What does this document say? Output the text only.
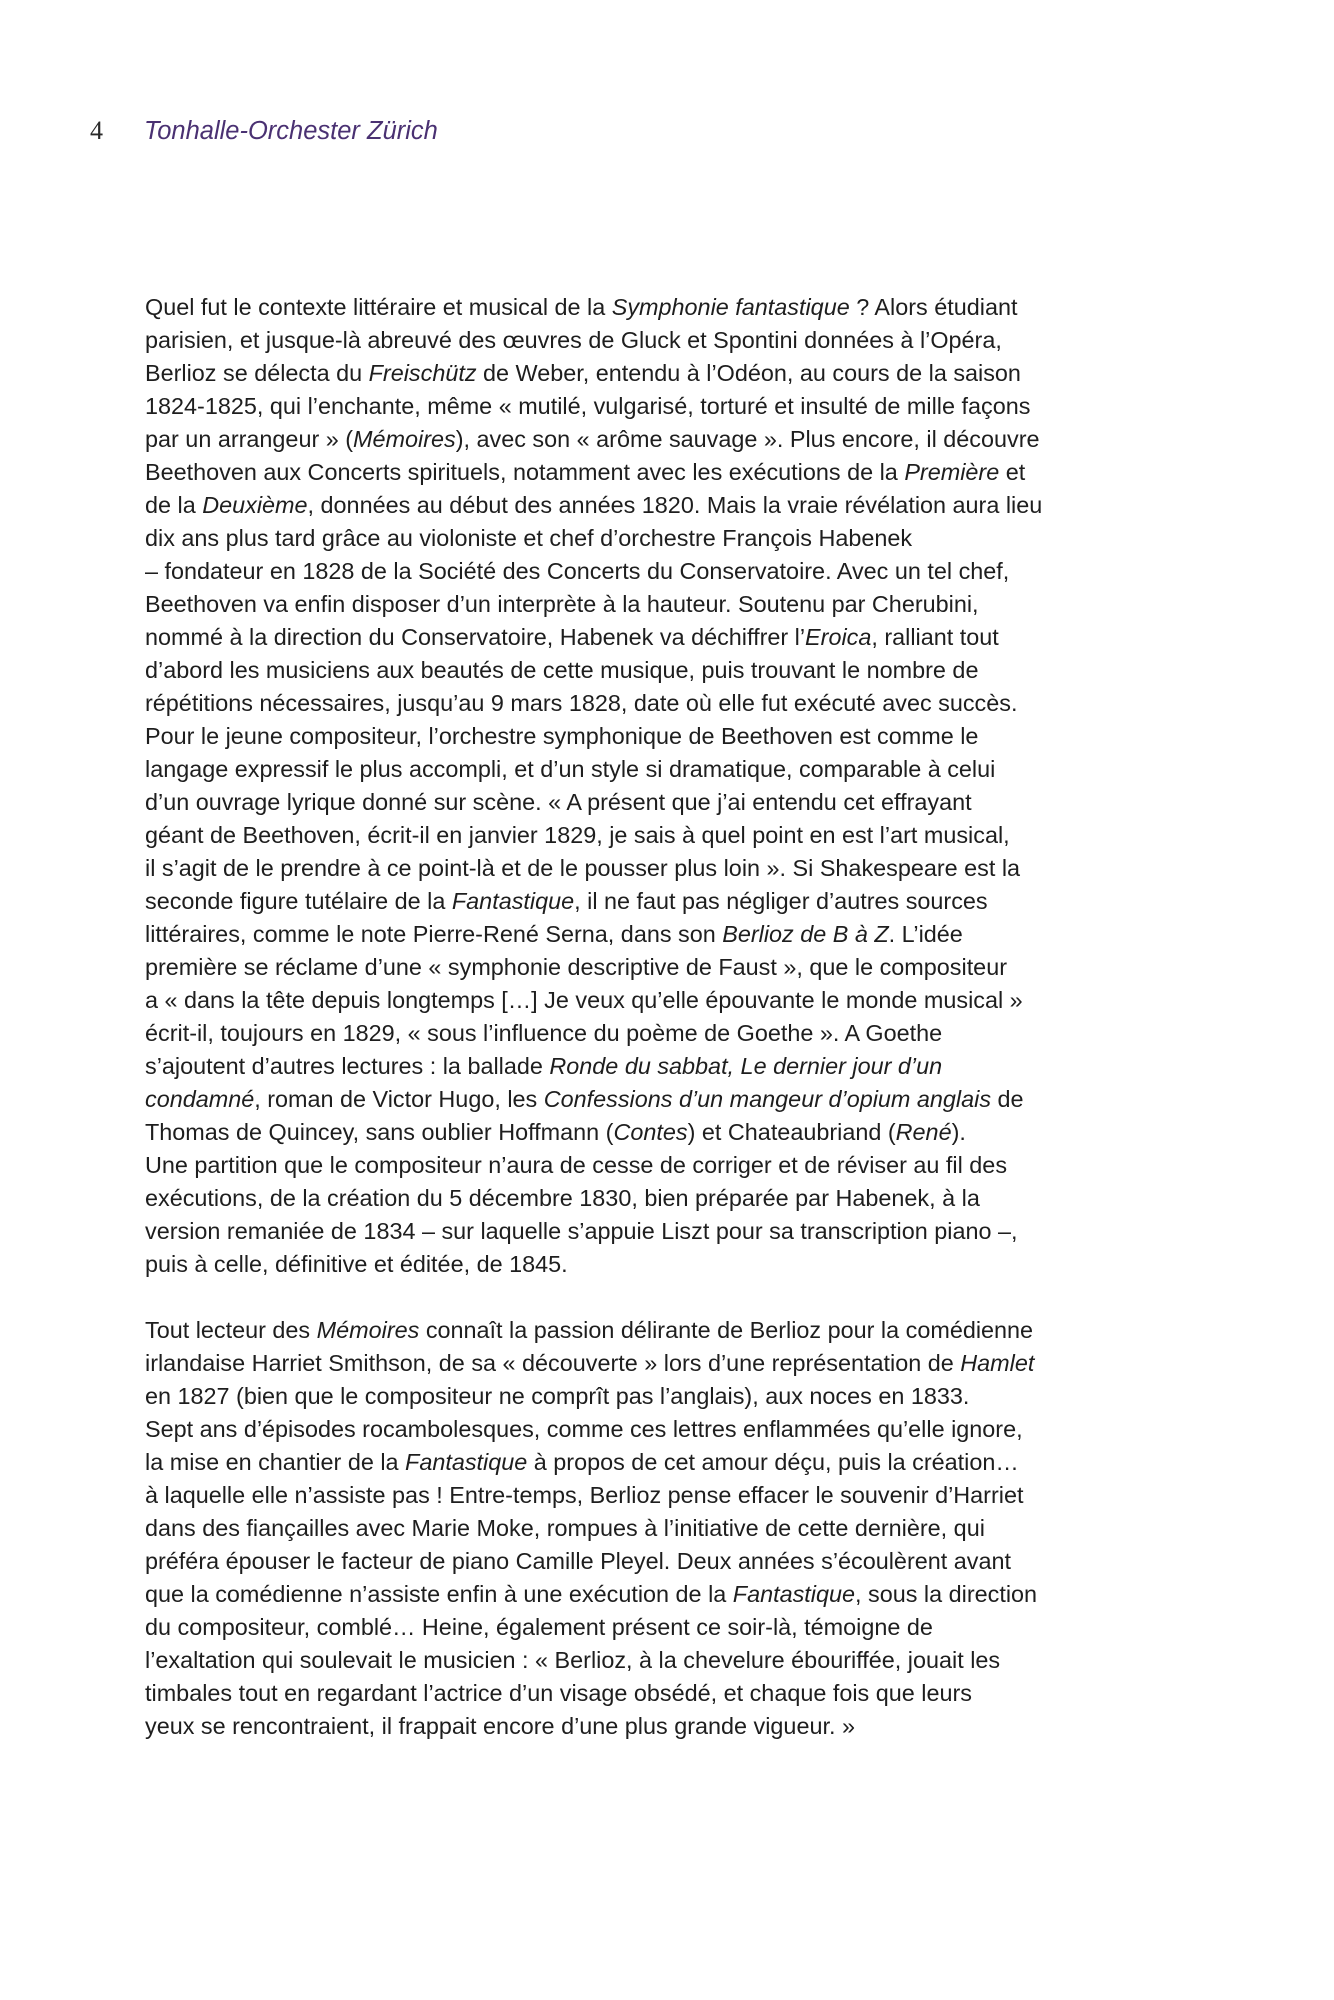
4	Tonhalle-Orchester Zürich
Quel fut le contexte littéraire et musical de la Symphonie fantastique ? Alors étudiant
parisien, et jusque-là abreuvé des œuvres de Gluck et Spontini données à l’Opéra,
Berlioz se délecta du Freischütz de Weber, entendu à l’Odéon, au cours de la saison
1824-1825, qui l’enchante, même « mutilé, vulgarisé, torturé et insulté de mille façons
par un arrangeur » (Mémoires), avec son « arôme sauvage ». Plus encore, il découvre
Beethoven aux Concerts spirituels, notamment avec les exécutions de la Première et
de la Deuxième, données au début des années 1820. Mais la vraie révélation aura lieu
dix ans plus tard grâce au violoniste et chef d’orchestre François Habenek
– fondateur en 1828 de la Société des Concerts du Conservatoire. Avec un tel chef,
Beethoven va enfin disposer d’un interprète à la hauteur. Soutenu par Cherubini,
nommé à la direction du Conservatoire, Habenek va déchiffrer l’Eroica, ralliant tout
d’abord les musiciens aux beautés de cette musique, puis trouvant le nombre de
répétitions nécessaires, jusqu’au 9 mars 1828, date où elle fut exécuté avec succès.
Pour le jeune compositeur, l’orchestre symphonique de Beethoven est comme le
langage expressif le plus accompli, et d’un style si dramatique, comparable à celui
d’un ouvrage lyrique donné sur scène. « A présent que j’ai entendu cet effrayant
géant de Beethoven, écrit-il en janvier 1829, je sais à quel point en est l’art musical,
il s’agit de le prendre à ce point-là et de le pousser plus loin ». Si Shakespeare est la
seconde figure tutélaire de la Fantastique, il ne faut pas négliger d’autres sources
littéraires, comme le note Pierre-René Serna, dans son Berlioz de B à Z. L’idée
première se réclame d’une « symphonie descriptive de Faust », que le compositeur
a « dans la tête depuis longtemps […] Je veux qu’elle épouvante le monde musical »
écrit-il, toujours en 1829, « sous l’influence du poème de Goethe ». A Goethe
s’ajoutent d’autres lectures : la ballade Ronde du sabbat, Le dernier jour d’un
condamné, roman de Victor Hugo, les Confessions d’un mangeur d’opium anglais de
Thomas de Quincey, sans oublier Hoffmann (Contes) et Chateaubriand (René).
Une partition que le compositeur n’aura de cesse de corriger et de réviser au fil des
exécutions, de la création du 5 décembre 1830, bien préparée par Habenek, à la
version remaniée de 1834 – sur laquelle s’appuie Liszt pour sa transcription piano –,
puis à celle, définitive et éditée, de 1845.
Tout lecteur des Mémoires connaît la passion délirante de Berlioz pour la comédienne
irlandaise Harriet Smithson, de sa « découverte » lors d’une représentation de Hamlet
en 1827 (bien que le compositeur ne comprît pas l’anglais), aux noces en 1833.
Sept ans d’épisodes rocambolesques, comme ces lettres enflammées qu’elle ignore,
la mise en chantier de la Fantastique à propos de cet amour déçu, puis la création…
à laquelle elle n’assiste pas ! Entre-temps, Berlioz pense effacer le souvenir d’Harriet
dans des fiançailles avec Marie Moke, rompues à l’initiative de cette dernière, qui
préféra épouser le facteur de piano Camille Pleyel. Deux années s’écoulèrent avant
que la comédienne n’assiste enfin à une exécution de la Fantastique, sous la direction
du compositeur, comblé… Heine, également présent ce soir-là, témoigne de
l’exaltation qui soulevait le musicien : « Berlioz, à la chevelure ébouriffée, jouait les
timbales tout en regardant l’actrice d’un visage obsédé, et chaque fois que leurs
yeux se rencontraient, il frappait encore d’une plus grande vigueur. »
